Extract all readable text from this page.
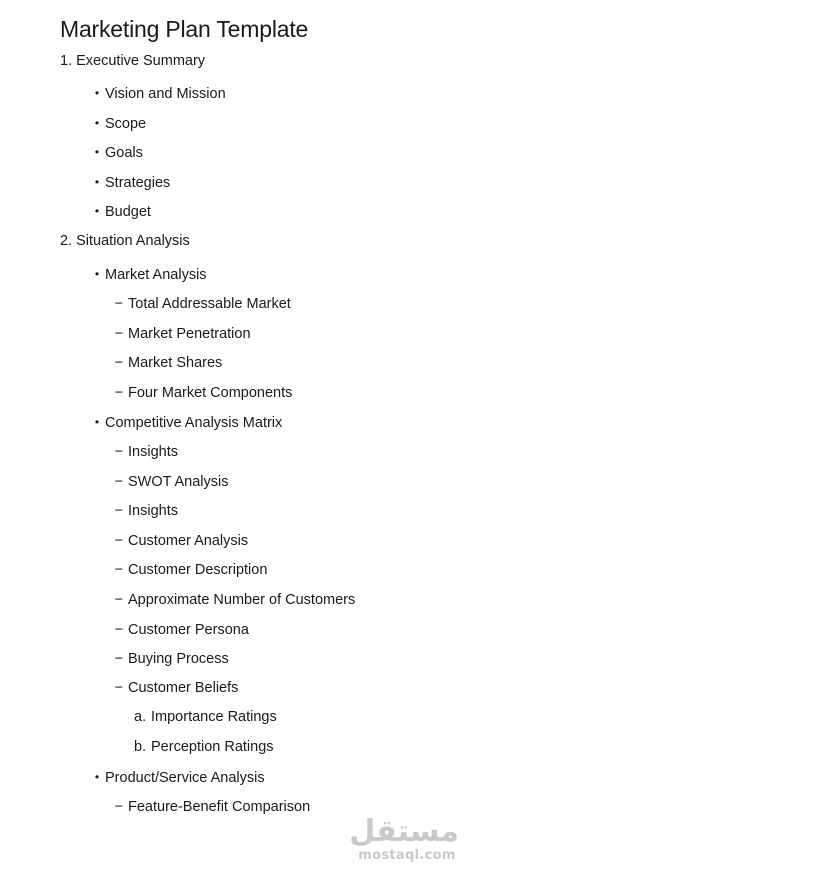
Marketing Plan Template
1. Executive Summary
• Vision and Mission
• Scope
• Goals
• Strategies
• Budget
2. Situation Analysis
• Market Analysis
− Total Addressable Market
− Market Penetration
− Market Shares
− Four Market Components
• Competitive Analysis Matrix
− Insights
− SWOT Analysis
− Insights
− Customer Analysis
− Customer Description
− Approximate Number of Customers
− Customer Persona
− Buying Process
− Customer Beliefs
a. Importance Ratings
b. Perception Ratings
• Product/Service Analysis
− Feature-Benefit Comparison
مستقل
mostaql.com
